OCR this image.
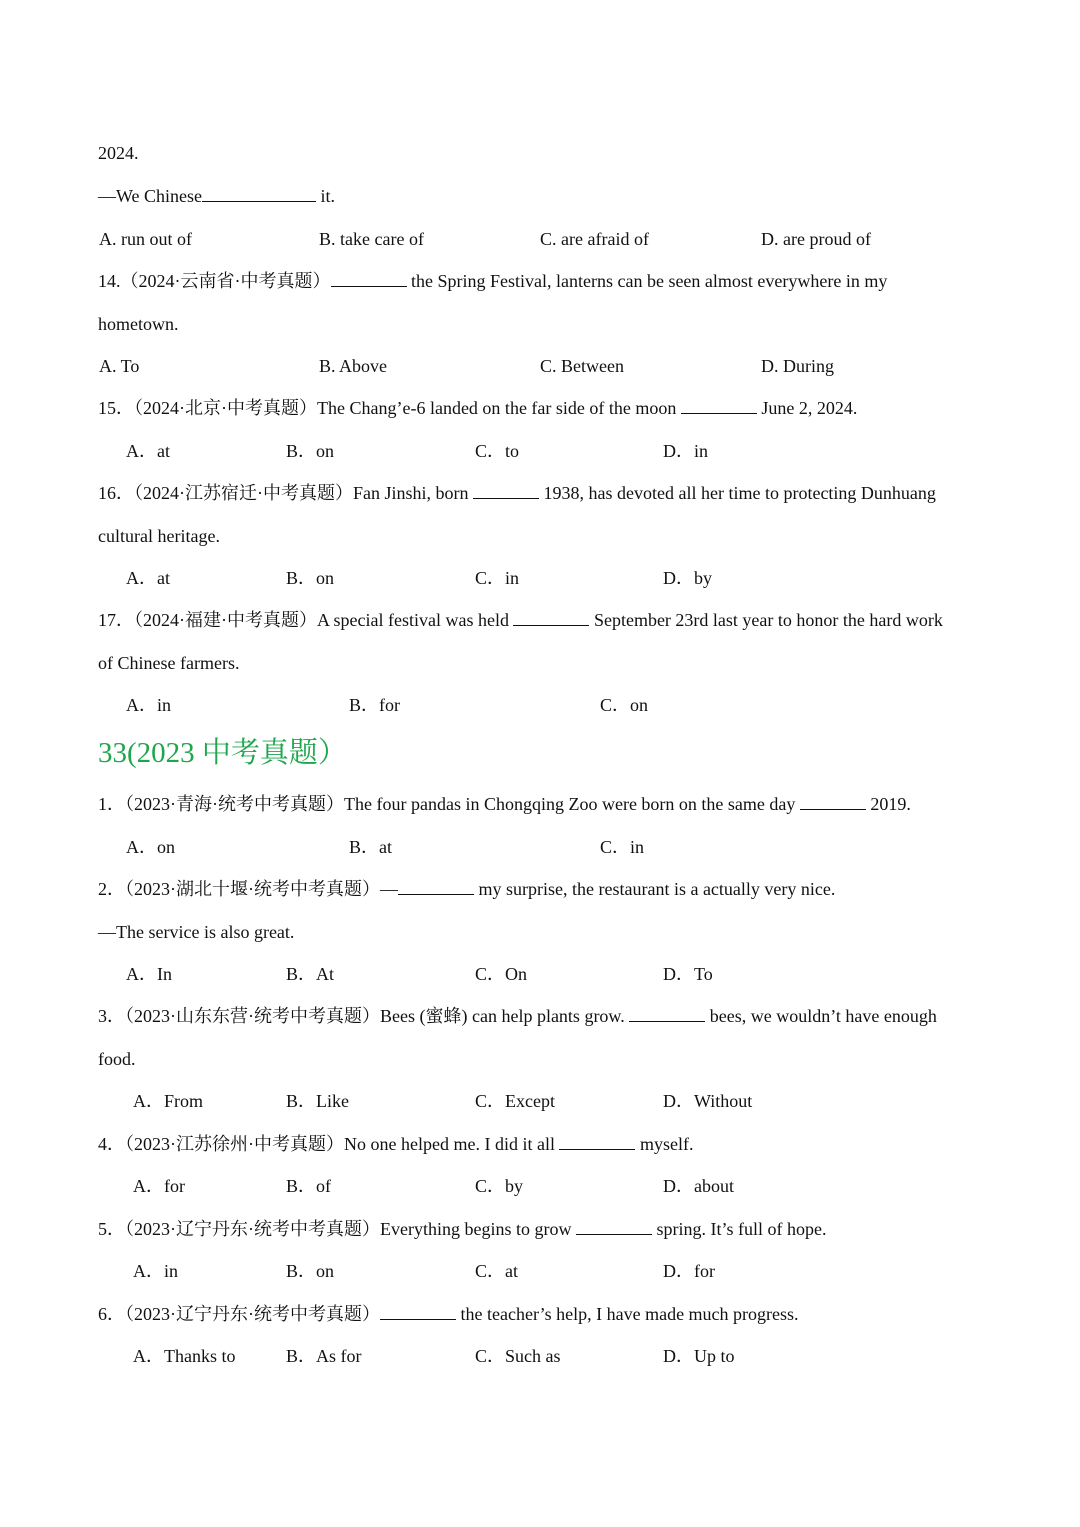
2024.

—We Chinese	it.

A. run out of	B. take care of	C. are afraid of	D. are proud of

14.（2024·云南省·中考真题）	the Spring Festival, lanterns can be seen almost everywhere in my

hometown.

A. To	B. Above	C. Between	D. During

15．（2024·北京·中考真题）The Chang’e-6 landed on the far side of the moon	June 2, 2024.

A．at	B．on	C．to	D．in

16．（2024·江苏宿迁·中考真题）Fan Jinshi, born	1938, has devoted all her time to protecting Dunhuang

cultural heritage.

A．at	B．on	C．in	D．by

17．（2024·福建·中考真题）A special festival was held	September 23rd last year to honor the hard work

of Chinese farmers.

A．in	B．for	C．on
33(2023 中考真题）

1．（2023·青海·统考中考真题）The four pandas in Chongqing Zoo were born on the same day	2019.

A．on	B．at	C．in

2．（2023·湖北十堰·统考中考真题）—	my surprise, the restaurant is a actually very nice.

—The service is also great.

A．In	B．At	C．On	D．To

3．（2023·山东东营·统考中考真题）Bees (蜜蜂) can help plants grow.	bees, we wouldn’t have enough

food.

A．From	B．Like	C．Except	D．Without

4．（2023·江苏徐州·中考真题）No one helped me. I did it all	myself.

A．for	B．of	C．by	D．about

5．（2023·辽宁丹东·统考中考真题）Everything begins to grow	spring. It’s full of hope.

A．in	B．on	C．at	D．for

6．（2023·辽宁丹东·统考中考真题）	the teacher’s help, I have made much progress.

A．Thanks to	B．As for	C．Such as	D．Up to
